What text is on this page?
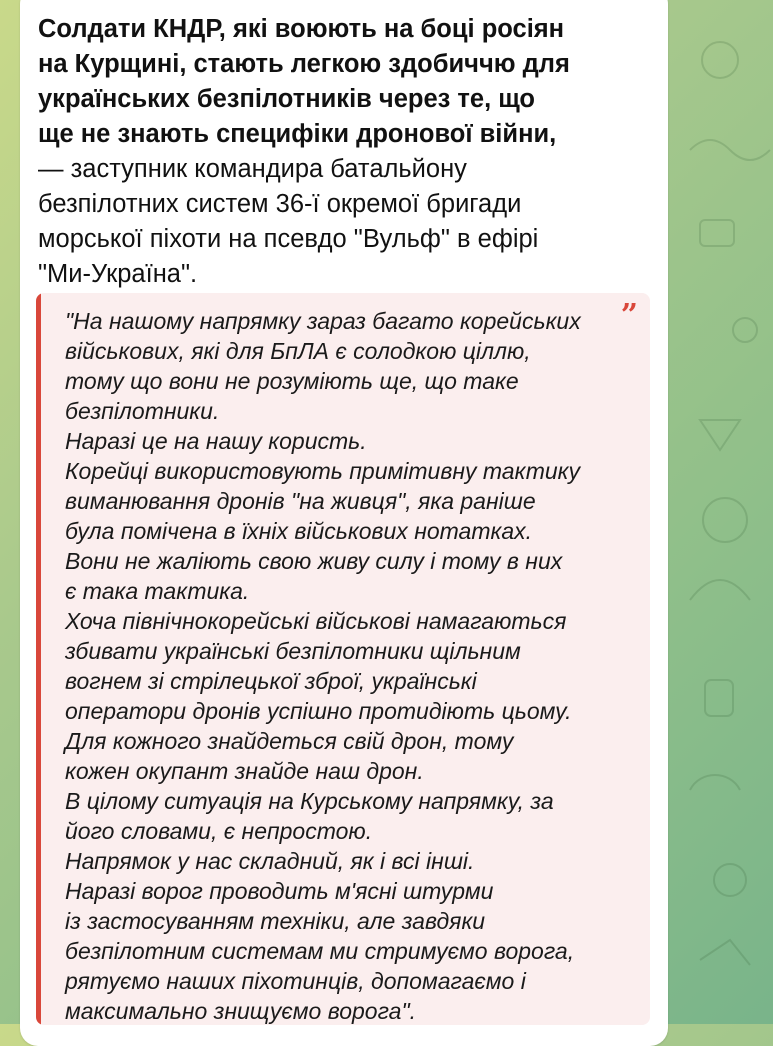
Солдати КНДР, які воюють на боці росіян
на Курщині, стають легкою здобиччю для
українських безпілотників через те, що
ще не знають специфіки дронової війни,
— заступник командира батальйону
безпілотних систем 36-ї окремої бригади
морської піхоти на псевдо "Вульф" в ефірі
"Ми-Україна".
”
"На нашому напрямку зараз багато корейських
військових, які для БпЛА є солодкою ціллю,
тому що вони не розуміють ще, що таке
безпілотники.
Наразі це на нашу користь.
Корейці використовують примітивну тактику
виманювання дронів "на живця", яка раніше
була помічена в їхніх військових нотатках.
Вони не жаліють свою живу силу і тому в них
є така тактика.
Хоча північнокорейські військові намагаються
збивати українські безпілотники щільним
вогнем зі стрілецької зброї, українські
оператори дронів успішно протидіють цьому.
Для кожного знайдеться свій дрон, тому
кожен окупант знайде наш дрон.
В цілому ситуація на Курському напрямку, за
його словами, є непростою.
Напрямок у нас складний, як і всі інші.
Наразі ворог проводить м'ясні штурми
із застосуванням техніки, але завдяки
безпілотним системам ми стримуємо ворога,
рятуємо наших піхотинців, допомагаємо і
максимально знищуємо ворога".
